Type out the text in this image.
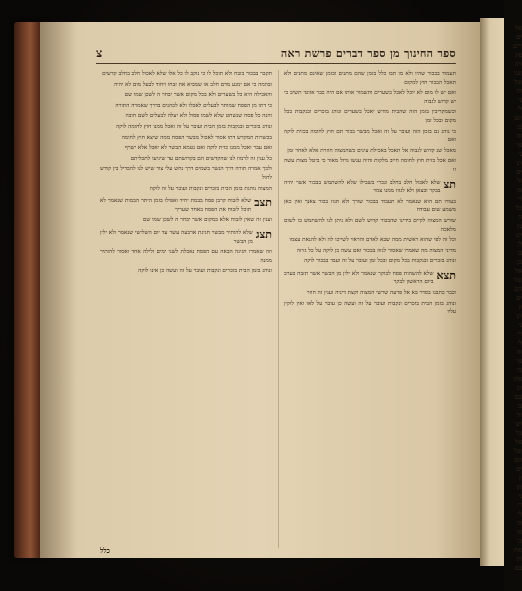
אל
ים
רים
פק
ויה
שני
של
הו
ני
לי
הם
כן
זה
אי
ני
תן
ים
ול
סו
רי
כל
ה
מן
יש
לו
בו
כן
אל
של
הם
ים
ון
תן
ני
רי
לי
זה
אי
כי
את
הן
בם
בו
ול
יש
כל
אל
של
הם
ים
ון
תן
ני
רי
לי
זה
אי
כי
את
הן
בם
ספר החינוך מן ספר דברים פרשת ראה
צ
תעמוד בבכור שהיו ולא מו תבו כלל בזמן שהם מתנים ובזמן שאינם מתנים ולא תאכל הבכור חוץ למקום
ואם יש לו מום לא יוכל לאכל בשערים ותשמור אותו אם היה כבר אזוטי תשיב כי יש קדוש לגבוה
וכשמקריבין בזמן הזה שהבית מורש יאכל בשערים ונוהג בזכרים ובנקבות בכל מקום ובכל זמן
כי נוהג גם בזמן הזה ועובר על זה ואכל מבשר בכור תם חוץ לחומה בכזית לוקה ואם
מאכל שנ קדוש לגבוה אל תאכל באכילת עינים כשהמצוה חוזרת אלא לאחר זמן
ואם אכל כזית חוץ לחומה חייב מלקות והיה ענשו גדול מאוד כי ביטל מצות עשה זו
תצ
שלא לאכול חלב בחלב ונכרי בשבילו שלא להשתמש בבכור אשר יהיה בבקר ובצאן ולא לגזוז ממנו צמר
בעודו תם הוא שנאמר לא תעבוד בבכור שורך ולא תגוז בכור צאנך ואין כאן משמע שום עבודה
שורש המצוה לקיים בידינו שהבכור קדוש לשם ולא ניתן לנו להשתמש בו לשום מלאכה
וכל זה לפי שהוא ראשית ממה שבא לאדם והראוי לשייכו לה ולא להנאת עצמו
מדיני המצוה מה שאמרו שאסור לגזוז בבכור ואם עשה כן לוקה על כל גזיזה
ונוהג בזכרים ובנקבות בכל מקום ובכל זמן ועובר על זה ועבד בבכור לוקה
תצא
שלא להשהות פסח לבוקר שנאמר ולא ילין מן הבשר אשר תזבח בערב ביום הראשון לבקר
וכבר כתבנו בסדר בא אל פרעה שרשי המצוה וקצת דיניה וענין זה חוזר
ונוהג בזמן הבית בזכרים ונקבות ועובר על זה ועשה כן עובר על לאו ואין לוקין עליו
תקבר בבכור בזבח ולא תוכל לו כי נוקב לו כל אלו שלא לאכול חלב בחלב קדשים
ובהמה כי אם ימנע מדם חלב או שמביא את זבחו ויחוד לבעל מום לא יהיה
והאכילה היא כל בשערים ולא בכל מקום אשר יבחר ה לשכן שמו שם
כי דתו מן הפסח שמותר לבעלים לאכלו ולא לכהנים בדרך שאמרה התורה
והנה כל פסח שנשחט שלא לשמו פסול ולא יעלה לבעלים לשם חובה
ונוהג בזכרים ובנקבות בזמן הבית ועובר על זה ואכל ממנו חוץ לחומה לוקה
בכשרות המקדש דתו אסור לאכול מבשר הפסח ממה שיצא חוץ לחומה
ואם עבר ואכל ממנו כזית לוקה ואם נטמא הבשר לא יאכל אלא ישרף
כל ענין זה לרמוז לנו שהקדשים הם בקדושתם עד שיגיעו לתכליתם
ולכך אמרה תורה דרך הנשר בשמים דרך נחש עלי צור שיש לנו להבדיל בין קודש לחול
המצוה נוהגת בזמן הבית בזכרים ונקבות ועובר על זה לוקה
תצב
שלא לזבוח קרבן פסח בבמת יחיד ואפילו בזמן היתר הבמות שנאמר לא תוכל לזבוח את הפסח באחד שעריך
וענין זה שאין לזבוח אלא במקום אשר יבחר ה לשכן שמו שם
תצג
שלא להותיר מבשר חגיגת ארבעה עשר עד יום השלישי שנאמר ולא ילין מן הבשר
וזה שאמרו חגיגה הבאה עם הפסח נאכלת לשני ימים ולילה אחד ואסור להותיר ממנה
ונוהג בזמן הבית בזכרים ונקבות ועובר על זה ועשה כן אינו לוקה
כלל
